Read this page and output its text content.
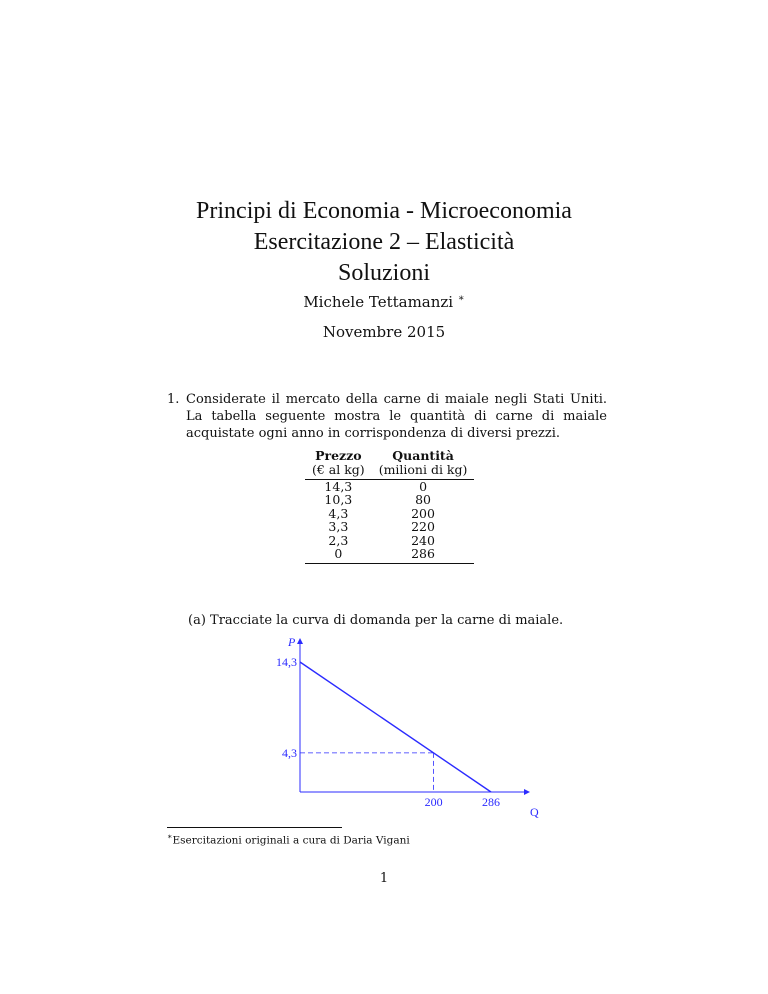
Principi di Economia - Microeconomia
Esercitazione 2 – Elasticità
Soluzioni
Michele Tettamanzi ∗
Novembre 2015
1. Considerate il mercato della carne di maiale negli Stati Uniti. La tabella seguente mostra le quantità di carne di maiale acquistate ogni anno in corrispondenza di diversi prezzi.
Prezzo	Quantità
(€ al kg)	(milioni di kg)
14,3	0
10,3	80
4,3	200
3,3	220
2,3	240
0	286
(a) Tracciate la curva di domanda per la carne di maiale.
P
Q
14,3
4,3
200	286
∗Esercitazioni originali a cura di Daria Vigani
1
